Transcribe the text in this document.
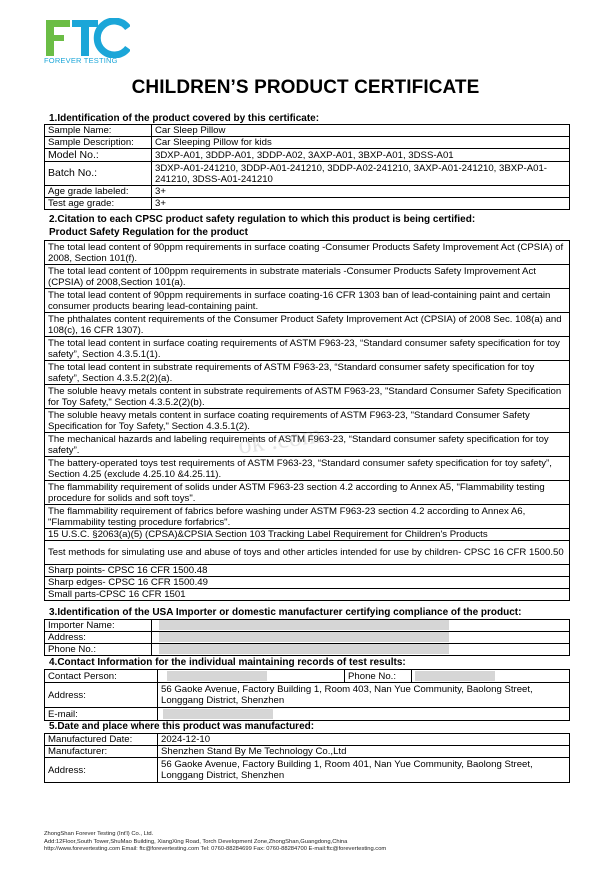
FOREVER TESTING
CHILDREN’S PRODUCT CERTIFICATE
1.Identification of the product covered by this certificate:
Sample Name:	Car Sleep Pillow
Sample Description:	Car Sleeping Pillow for kids
Model No.:	3DXP-A01, 3DDP-A01, 3DDP-A02, 3AXP-A01, 3BXP-A01, 3DSS-A01
Batch No.:	3DXP-A01-241210, 3DDP-A01-241210, 3DDP-A02-241210, 3AXP-A01-241210, 3BXP-A01-241210, 3DSS-A01-241210
Age grade labeled:	3+
Test age grade:	3+
2.Citation to each CPSC product safety regulation to which this product is being certified:
Product Safety Regulation for the product
The total lead content of 90ppm requirements in surface coating -Consumer Products Safety Improvement Act (CPSIA) of 2008, Section 101(f).
The total lead content of 100ppm requirements in substrate materials -Consumer Products Safety Improvement Act (CPSIA) of 2008,Section 101(a).
The total lead content of 90ppm requirements in surface coating-16 CFR 1303 ban of lead-containing paint and certain consumer products bearing lead-containing paint.
The phthalates content requirements of the Consumer Product Safety Improvement Act (CPSIA) of 2008 Sec. 108(a) and 108(c), 16 CFR 1307).
The total lead content in surface coating requirements of ASTM F963-23, “Standard consumer safety specification for toy safety”, Section 4.3.5.1(1).
The total lead content in substrate requirements of ASTM F963-23, “Standard consumer safety specification for toy safety”, Section 4.3.5.2(2)(a).
The soluble heavy metals content in substrate requirements of ASTM F963-23, "Standard Consumer Safety Specification for Toy Safety," Section 4.3.5.2(2)(b).
The soluble heavy metals content in surface coating requirements of ASTM F963-23, "Standard Consumer Safety Specification for Toy Safety," Section 4.3.5.1(2).
The mechanical hazards and labeling requirements of ASTM F963-23, “Standard consumer safety specification for toy safety”.
The battery-operated toys test requirements of ASTM F963-23, “Standard consumer safety specification for toy safety”, Section 4.25 (exclude 4.25.10 &4.25.11).
The flammability requirement of solids under ASTM F963-23 section 4.2 according to Annex A5, "Flammability testing procedure for solids and soft toys".
The flammability requirement of fabrics before washing under ASTM F963-23 section 4.2 according to Annex A6, "Flammability testing procedure forfabrics".
15 U.S.C. §2063(a)(5) (CPSA)&CPSIA Section 103 Tracking Label Requirement for Children's Products
Test methods for simulating use and abuse of toys and other articles intended for use by children- CPSC 16 CFR 1500.50
Sharp points- CPSC 16 CFR 1500.48
Sharp edges- CPSC 16 CFR 1500.49
Small parts-CPSC 16 CFR 1501
ok .com
3.Identification of the USA Importer or domestic manufacturer certifying compliance of the product:
Importer Name:	
Address:	
Phone No.:	
4.Contact Information for the individual maintaining records of test results:
Contact Person:		Phone No.:	
Address:	56 Gaoke Avenue, Factory Building 1, Room 403, Nan Yue Community, Baolong Street, Longgang District, Shenzhen		
E-mail:			
5.Date and place where this product was manufactured:
Manufactured Date:	2024-12-10
Manufacturer:	Shenzhen Stand By Me Technology Co.,Ltd
Address:	56 Gaoke Avenue, Factory Building 1, Room 401, Nan Yue Community, Baolong Street, Longgang District, Shenzhen
ZhongShan Forever Testing (Int'l) Co., Ltd.
Add:12Floor,South Tower,ShuMao Building, XiangXing Road, Torch Development Zone,ZhongShan,Guangdong,China
http://www.forevertesting.com Email: ftc@forevertesting.com Tel: 0760-88284699 Fax: 0760-88284700 E-mail:ftc@forevertesting.com
